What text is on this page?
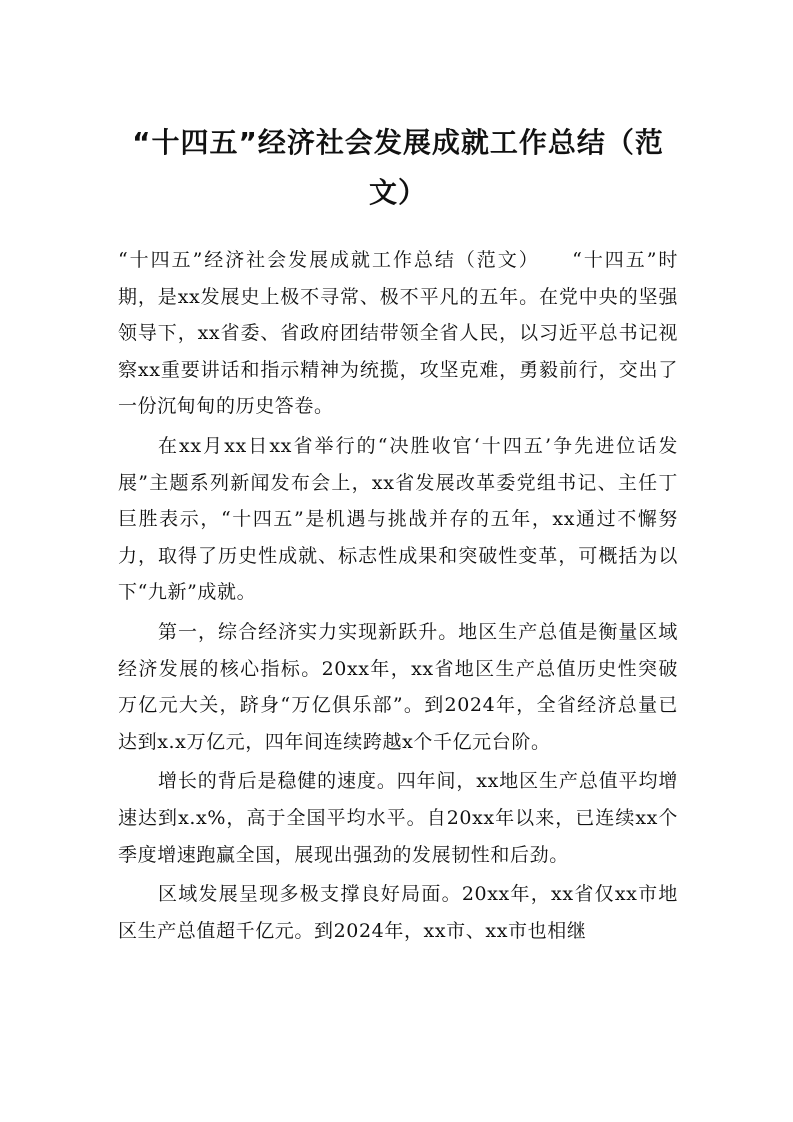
“十四五”经济社会发展成就工作总结（范文）

“十四五”经济社会发展成就工作总结（范文）　　“十四五”时期，是xx发展史上极不寻常、极不平凡的五年。在党中央的坚强领导下，xx省委、省政府团结带领全省人民，以习近平总书记视察xx重要讲话和指示精神为统揽，攻坚克难，勇毅前行，交出了一份沉甸甸的历史答卷。

在xx月xx日xx省举行的“决胜收官‘十四五’争先进位话发展”主题系列新闻发布会上，xx省发展改革委党组书记、主任丁巨胜表示，“十四五”是机遇与挑战并存的五年，xx通过不懈努力，取得了历史性成就、标志性成果和突破性变革，可概括为以下“九新”成就。

第一，综合经济实力实现新跃升。地区生产总值是衡量区域经济发展的核心指标。20xx年，xx省地区生产总值历史性突破万亿元大关，跻身“万亿俱乐部”。到2024年，全省经济总量已达到x.x万亿元，四年间连续跨越x个千亿元台阶。

增长的背后是稳健的速度。四年间，xx地区生产总值平均增速达到x.x%，高于全国平均水平。自20xx年以来，已连续xx个季度增速跑赢全国，展现出强劲的发展韧性和后劲。

区域发展呈现多极支撑良好局面。20xx年，xx省仅xx市地区生产总值超千亿元。到2024年，xx市、xx市也相继
